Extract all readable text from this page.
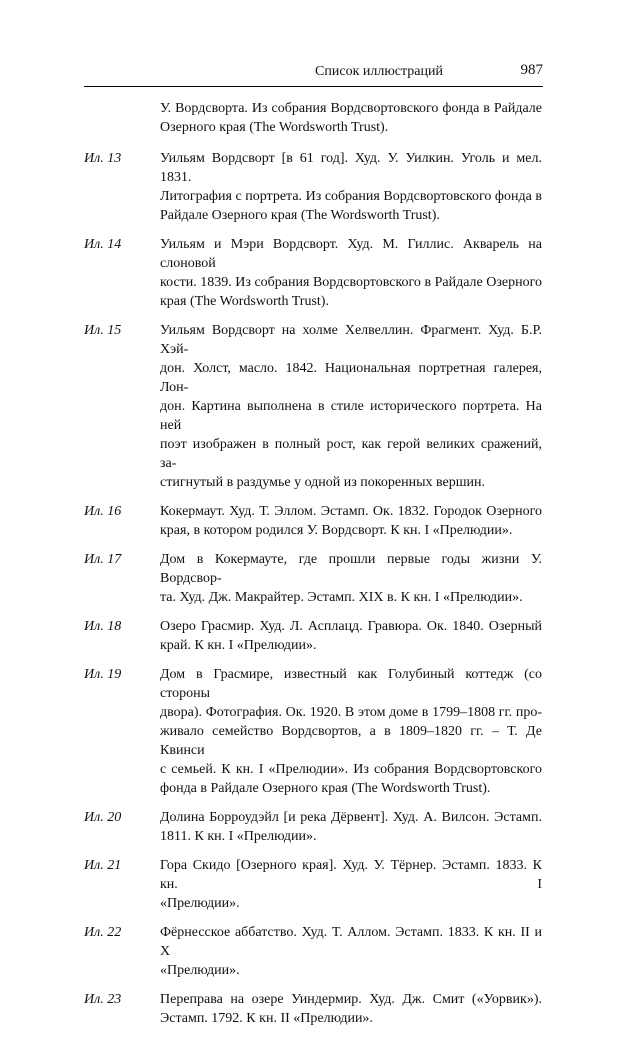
Список иллюстраций	987
У. Вордсворта. Из собрания Вордсвортовского фонда в Райдале
Озерного края (The Wordsworth Trust).
Ил. 13	Уильям Вордсворт [в 61 год]. Худ. У. Уилкин. Уголь и мел. 1831.
Литография с портрета. Из собрания Вордсвортовского фонда в
Райдале Озерного края (The Wordsworth Trust).
Ил. 14	Уильям и Мэри Вордсворт. Худ. М. Гиллис. Акварель на слоновой
кости. 1839. Из собрания Вордсвортовского в Райдале Озерного
края (The Wordsworth Trust).
Ил. 15	Уильям Вордсворт на холме Хелвеллин. Фрагмент. Худ. Б.Р. Хэй-
дон. Холст, масло. 1842. Национальная портретная галерея, Лон-
дон. Картина выполнена в стиле исторического портрета. На ней
поэт изображен в полный рост, как герой великих сражений, за-
стигнутый в раздумье у одной из покоренных вершин.
Ил. 16	Кокермаут. Худ. Т. Эллом. Эстамп. Ок. 1832. Городок Озерного
края, в котором родился У. Вордсворт. К кн. I «Прелюдии».
Ил. 17	Дом в Кокермауте, где прошли первые годы жизни У. Вордсвор-
та. Худ. Дж. Макрайтер. Эстамп. XIX в. К кн. I «Прелюдии».
Ил. 18	Озеро Грасмир. Худ. Л. Асплацд. Гравюра. Ок. 1840. Озерный
край. К кн. I «Прелюдии».
Ил. 19	Дом в Грасмире, известный как Голубиный коттедж (со стороны
двора). Фотография. Ок. 1920. В этом доме в 1799–1808 гг. про-
живало семейство Вордсвортов, а в 1809–1820 гг. – Т. Де Квинси
с семьей. К кн. I «Прелюдии». Из собрания Вордсвортовского
фонда в Райдале Озерного края (The Wordsworth Trust).
Ил. 20	Долина Борроудэйл [и река Дёрвент]. Худ. А. Вилсон. Эстамп.
1811. К кн. I «Прелюдии».
Ил. 21	Гора Скидо [Озерного края]. Худ. У. Тёрнер. Эстамп. 1833. К кн. I
«Прелюдии».
Ил. 22	Фёрнесское аббатство. Худ. Т. Аллом. Эстамп. 1833. К кн. II и X
«Прелюдии».
Ил. 23	Переправа на озере Уиндермир. Худ. Дж. Смит («Уорвик»).
Эстамп. 1792. К кн. II «Прелюдии».
